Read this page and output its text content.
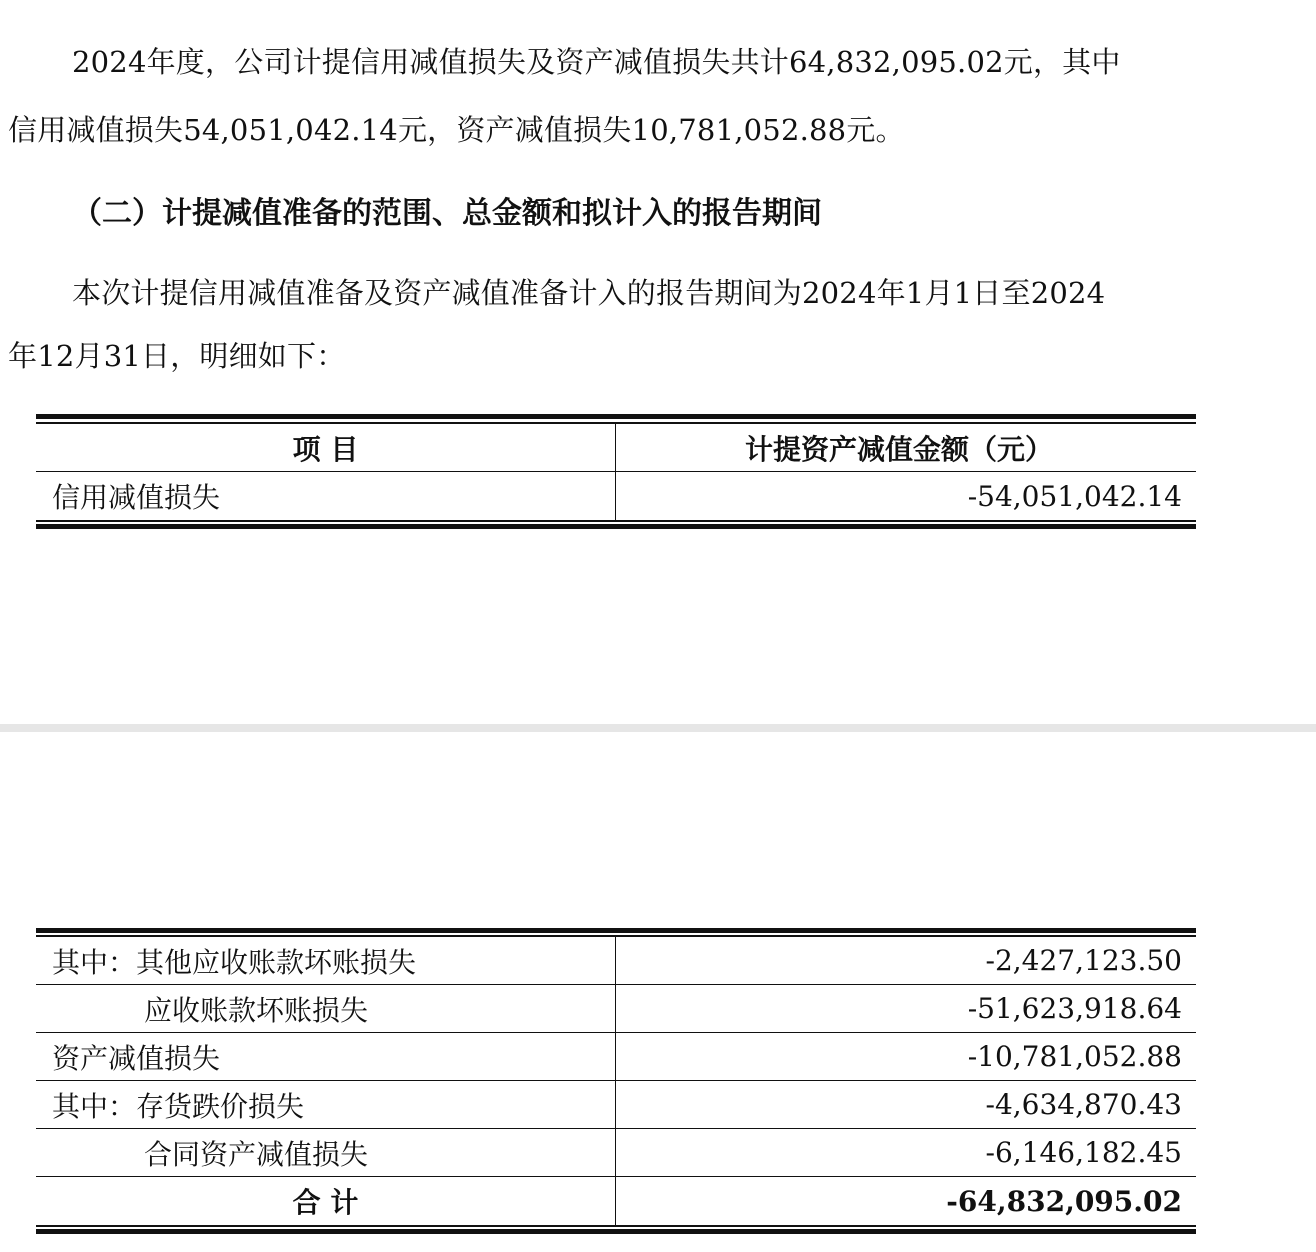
2024年度，公司计提信用减值损失及资产减值损失共计64,832,095.02元，其中
信用减值损失54,051,042.14元，资产减值损失10,781,052.88元。
（二）计提减值准备的范围、总金额和拟计入的报告期间
本次计提信用减值准备及资产减值准备计入的报告期间为2024年1月1日至2024
年12月31日，明细如下：
项 目	计提资产减值金额（元）
信用减值损失	-54,051,042.14
其中：其他应收账款坏账损失	-2,427,123.50
应收账款坏账损失	-51,623,918.64
资产减值损失	-10,781,052.88
其中：存货跌价损失	-4,634,870.43
合同资产减值损失	-6,146,182.45
合 计	-64,832,095.02
